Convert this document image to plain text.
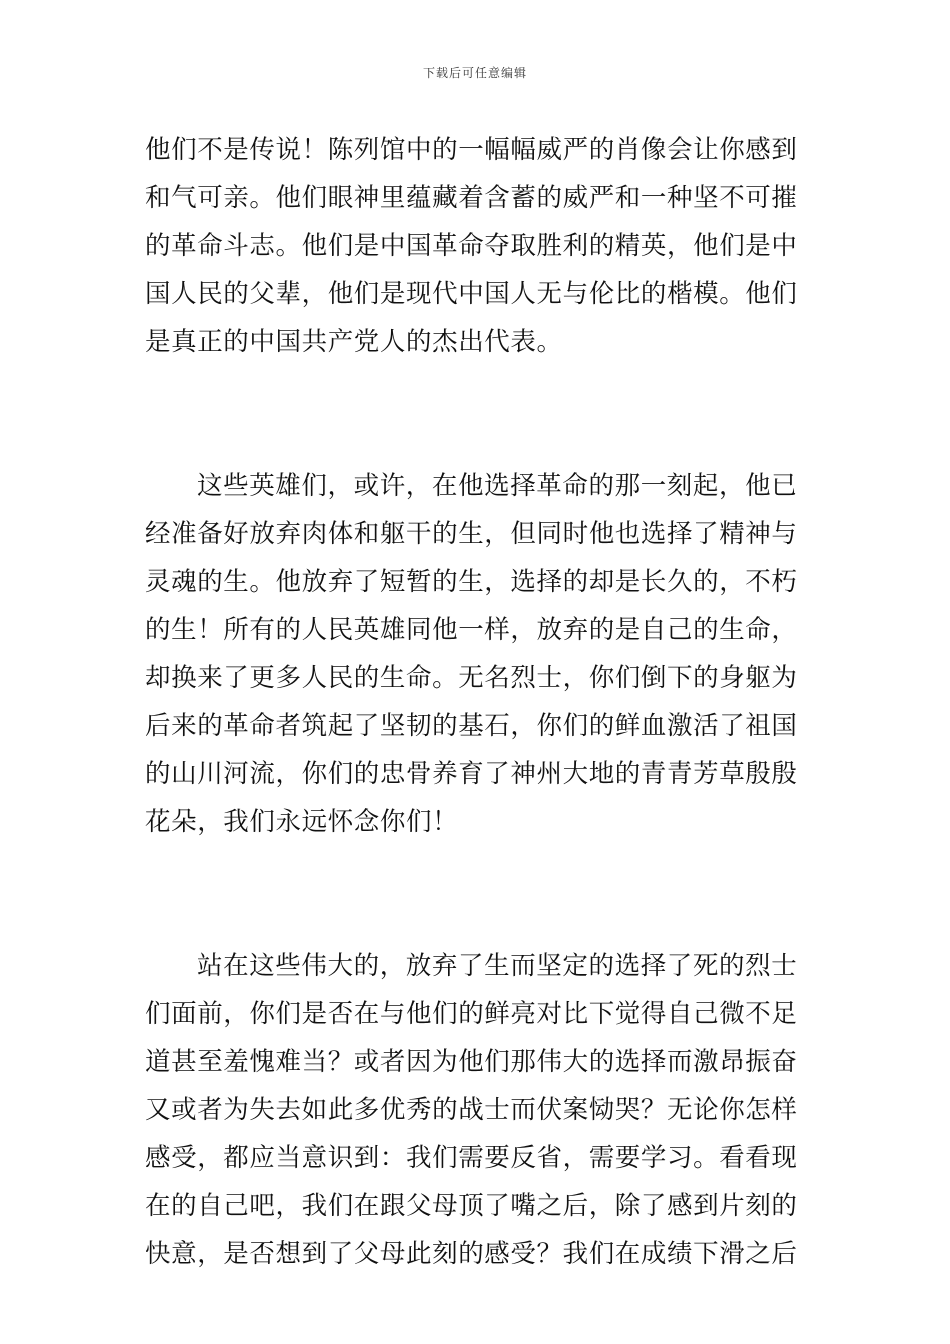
下载后可任意编辑
他们不是传说！陈列馆中的一幅幅威严的肖像会让你感到
和气可亲。他们眼神里蕴藏着含蓄的威严和一种坚不可摧
的革命斗志。他们是中国革命夺取胜利的精英，他们是中
国人民的父辈，他们是现代中国人无与伦比的楷模。他们
是真正的中国共产党人的杰出代表。
这些英雄们，或许，在他选择革命的那一刻起，他已
经准备好放弃肉体和躯干的生，但同时他也选择了精神与
灵魂的生。他放弃了短暂的生，选择的却是长久的，不朽
的生！所有的人民英雄同他一样，放弃的是自己的生命，
却换来了更多人民的生命。无名烈士，你们倒下的身躯为
后来的革命者筑起了坚韧的基石，你们的鲜血激活了祖国
的山川河流，你们的忠骨养育了神州大地的青青芳草殷殷
花朵，我们永远怀念你们！
站在这些伟大的，放弃了生而坚定的选择了死的烈士
们面前，你们是否在与他们的鲜亮对比下觉得自己微不足
道甚至羞愧难当？或者因为他们那伟大的选择而激昂振奋
又或者为失去如此多优秀的战士而伏案恸哭？无论你怎样
感受，都应当意识到：我们需要反省，需要学习。看看现
在的自己吧，我们在跟父母顶了嘴之后，除了感到片刻的
快意，是否想到了父母此刻的感受？我们在成绩下滑之后
